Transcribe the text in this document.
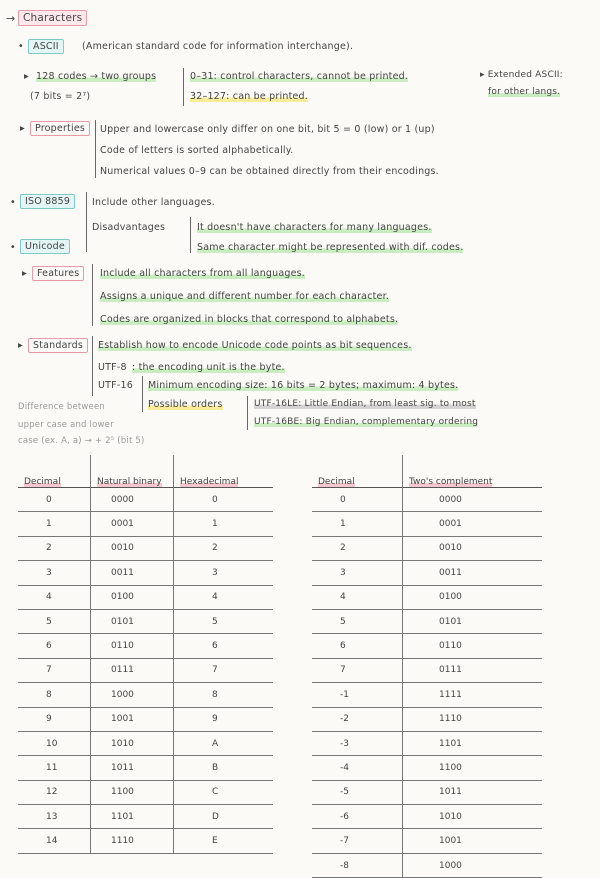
→ Characters
• ASCII	(American standard code for information interchange).
▸ 128 codes → two groups
(7 bits = 2⁷)
0–31: control characters, cannot be printed.
32–127: can be printed.
▸ Extended ASCII:
for other langs.
▸	Properties	Upper and lowercase only differ on one bit, bit 5 = 0 (low) or 1 (up)
Code of letters is sorted alphabetically.
Numerical values 0–9 can be obtained directly from their encodings.
• ISO 8859	Include other languages.
Disadvantages	It doesn't have characters for many languages.
Same character might be represented with dif. codes.
• Unicode
▸	Features	Include all characters from all languages.
Assigns a unique and different number for each character.
Codes are organized in blocks that correspond to alphabets.
▸	Standards	Establish how to encode Unicode code points as bit sequences.
UTF-8 : the encoding unit is the byte.
UTF-16 Minimum encoding size: 16 bits = 2 bytes; maximum: 4 bytes.
Possible orders	UTF-16LE: Little Endian, from least sig. to most
UTF-16BE: Big Endian, complementary ordering
Difference between
upper case and lower
case (ex. A, a) → + 2⁵ (bit 5)
Decimal	Natural binary	Hexadecimal
0	0000	0
1	0001	1
2	0010	2
3	0011	3
4	0100	4
5	0101	5
6	0110	6
7	0111	7
8	1000	8
9	1001	9
10	1010	A
11	1011	B
12	1100	C
13	1101	D
14	1110	E
Decimal	Two's complement
0	0000
1	0001
2	0010
3	0011
4	0100
5	0101
6	0110
7	0111
-1	1111
-2	1110
-3	1101
-4	1100
-5	1011
-6	1010
-7	1001
-8	1000
